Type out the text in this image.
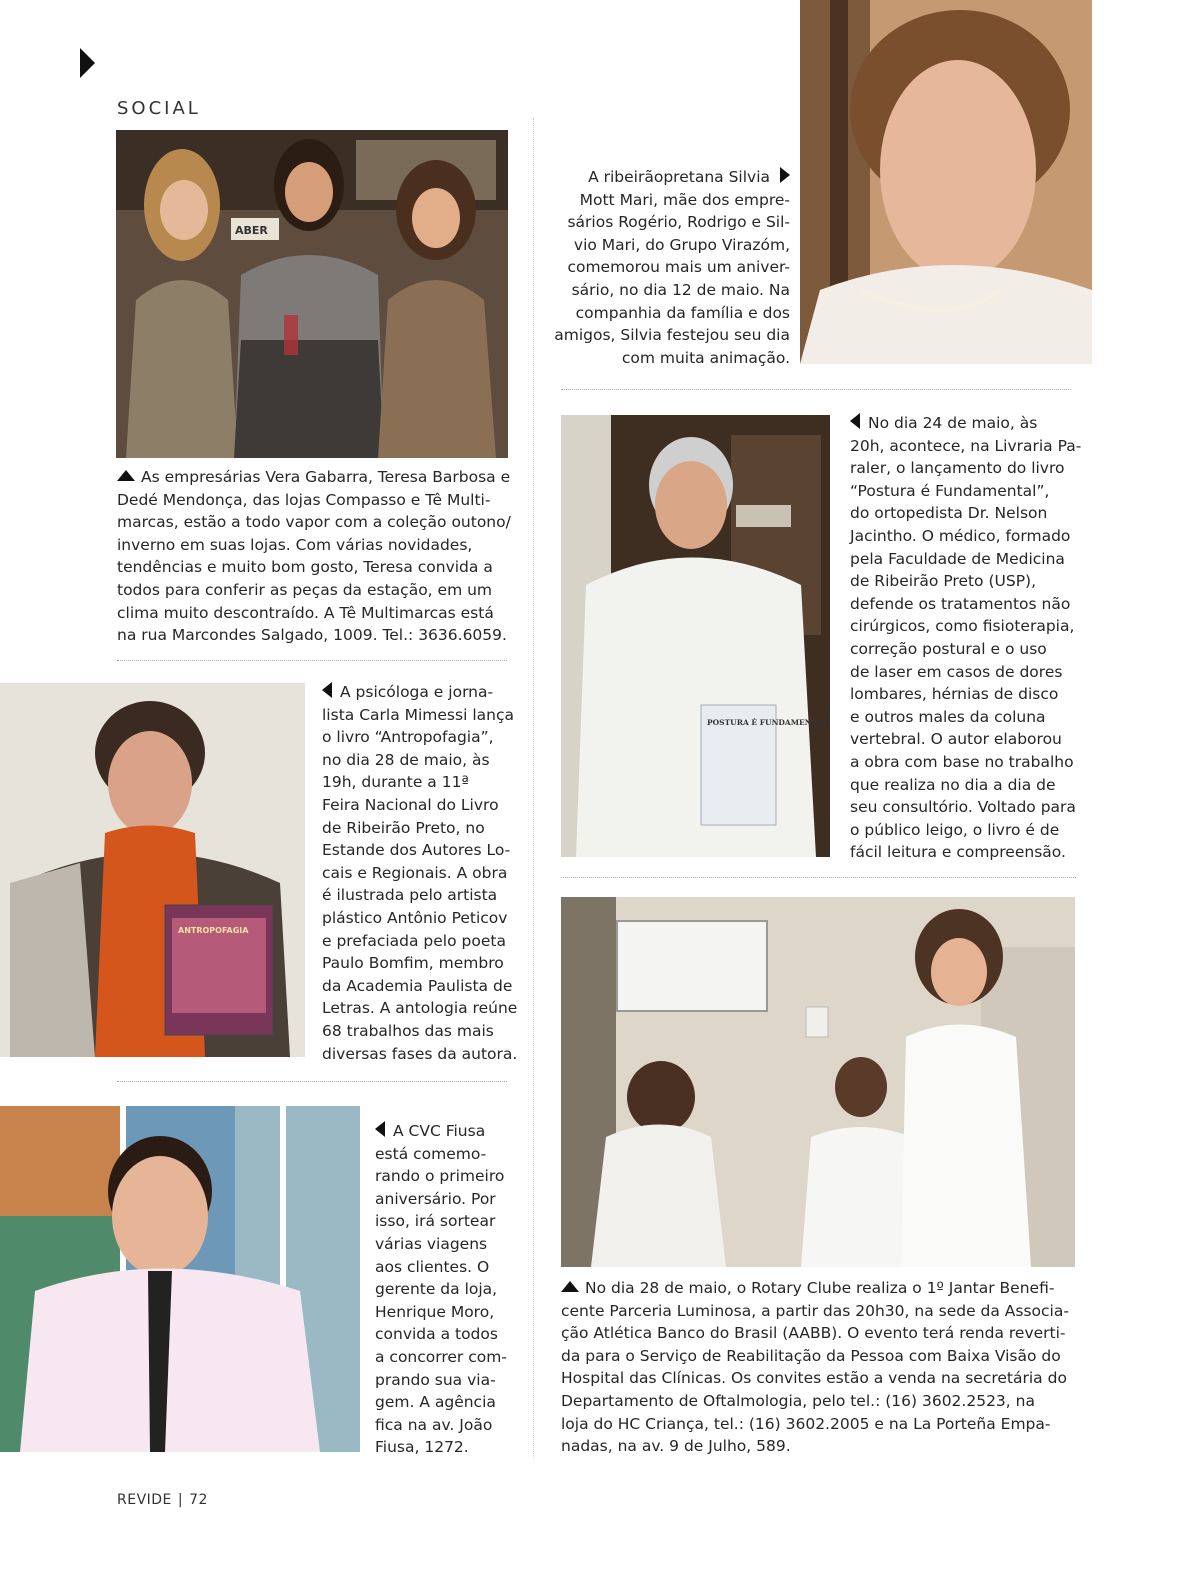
SOCIAL
ABER
As empresárias Vera Gabarra, Teresa Barbosa e
Dedé Mendonça, das lojas Compasso e Tê Multi-
marcas, estão a todo vapor com a coleção outono/
inverno em suas lojas. Com várias novidades,
tendências e muito bom gosto, Teresa convida a
todos para conferir as peças da estação, em um
clima muito descontraído. A Tê Multimarcas está
na rua Marcondes Salgado, 1009. Tel.: 3636.6059.
A ribeirãopretana Silvia
Mott Mari, mãe dos empre-
sários Rogério, Rodrigo e Sil-
vio Mari, do Grupo Virazóm,
comemorou mais um aniver-
sário, no dia 12 de maio. Na
companhia da família e dos
amigos, Silvia festejou seu dia
com muita animação.
POSTURA É FUNDAMENTAL
No dia 24 de maio, às
20h, acontece, na Livraria Pa-
raler, o lançamento do livro
“Postura é Fundamental”,
do ortopedista Dr. Nelson
Jacintho. O médico, formado
pela Faculdade de Medicina
de Ribeirão Preto (USP),
defende os tratamentos não
cirúrgicos, como fisioterapia,
correção postural e o uso
de laser em casos de dores
lombares, hérnias de disco
e outros males da coluna
vertebral. O autor elaborou
a obra com base no trabalho
que realiza no dia a dia de
seu consultório. Voltado para
o público leigo, o livro é de
fácil leitura e compreensão.
ANTROPOFAGIA
A psicóloga e jorna-
lista Carla Mimessi lança
o livro “Antropofagia”,
no dia 28 de maio, às
19h, durante a 11ª
Feira Nacional do Livro
de Ribeirão Preto, no
Estande dos Autores Lo-
cais e Regionais. A obra
é ilustrada pelo artista
plástico Antônio Peticov
e prefaciada pelo poeta
Paulo Bomfim, membro
da Academia Paulista de
Letras. A antologia reúne
68 trabalhos das mais
diversas fases da autora.
No dia 28 de maio, o Rotary Clube realiza o 1º Jantar Benefi-
cente Parceria Luminosa, a partir das 20h30, na sede da Associa-
ção Atlética Banco do Brasil (AABB). O evento terá renda reverti-
da para o Serviço de Reabilitação da Pessoa com Baixa Visão do
Hospital das Clínicas. Os convites estão a venda na secretária do
Departamento de Oftalmologia, pelo tel.: (16) 3602.2523, na
loja do HC Criança, tel.: (16) 3602.2005 e na La Porteña Empa-
nadas, na av. 9 de Julho, 589.
A CVC Fiusa
está comemo-
rando o primeiro
aniversário. Por
isso, irá sortear
várias viagens
aos clientes. O
gerente da loja,
Henrique Moro,
convida a todos
a concorrer com-
prando sua via-
gem. A agência
fica na av. João
Fiusa, 1272.
REVIDE | 72
